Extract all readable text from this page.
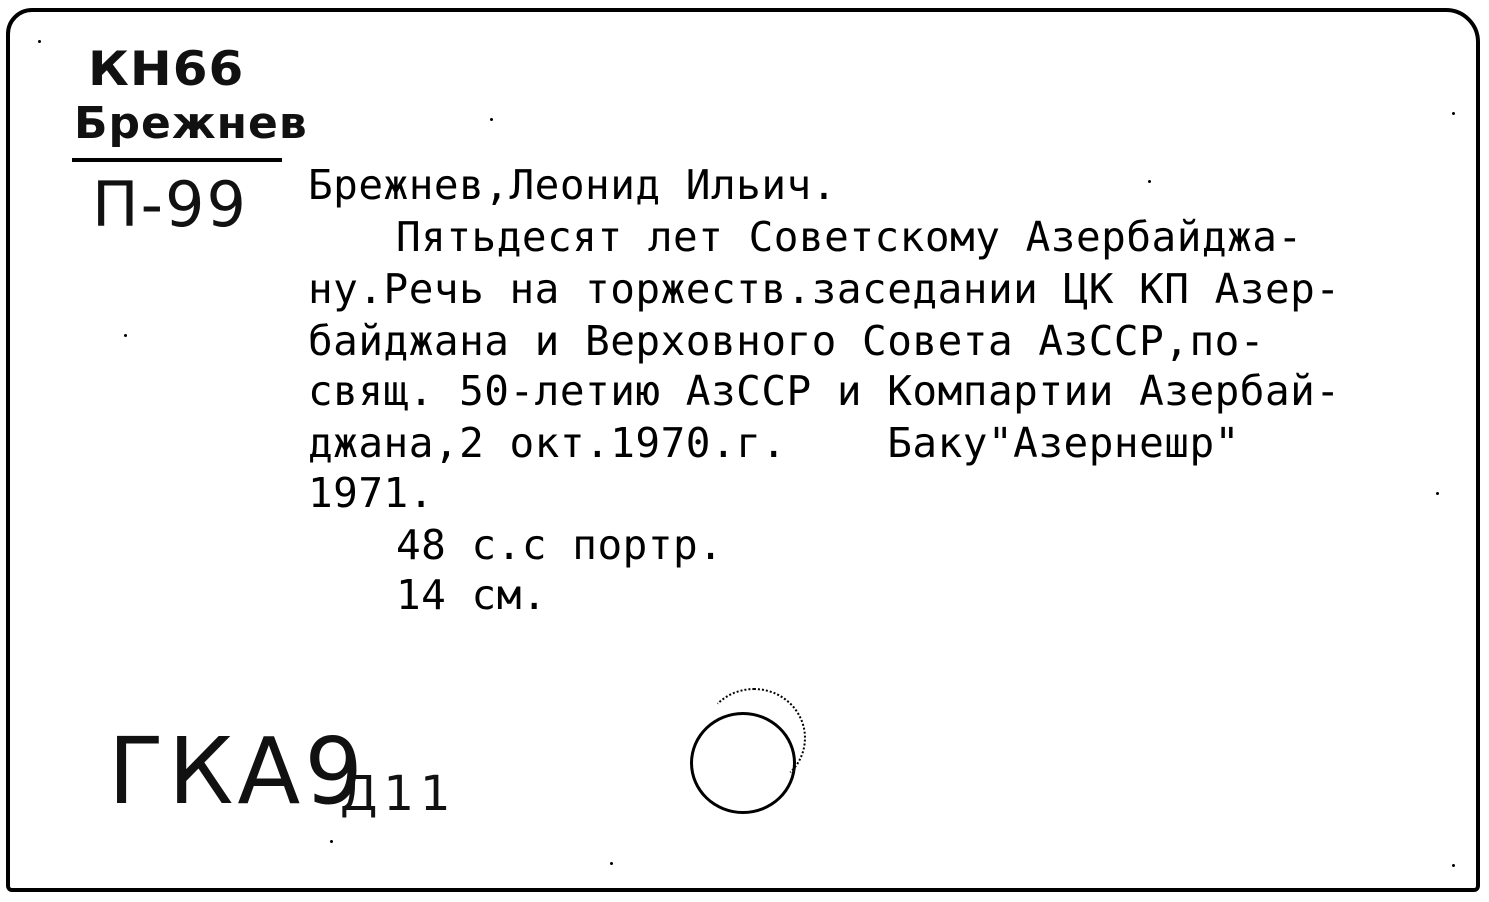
КН66
Брежнев
П-99 Брежнев,Леонид Ильич.
Пятьдесят лет Советскому Азербайджа-
ну.Речь на торжеств.заседании ЦК КП Азер-
байджана и Верховного Совета АзССР,по-
свящ. 50-летию АзССР и Компартии Азербай-
джана,2 окт.1970.г.    Баку"Азернешр"
1971.
48 с.с портр.
14 см.
ГКА9
Д11
